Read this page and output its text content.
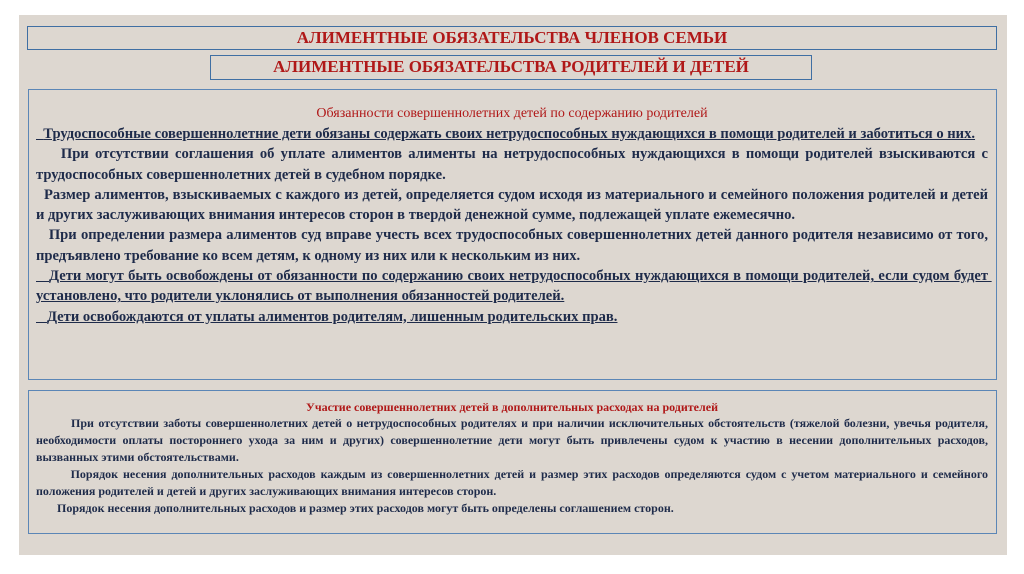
АЛИМЕНТНЫЕ ОБЯЗАТЕЛЬСТВА ЧЛЕНОВ СЕМЬИ
АЛИМЕНТНЫЕ ОБЯЗАТЕЛЬСТВА РОДИТЕЛЕЙ И ДЕТЕЙ
Обязанности совершеннолетних детей по содержанию родителей

Трудоспособные совершеннолетние дети обязаны содержать своих нетрудоспособных нуждающихся в помощи родителей и заботиться о них.

При отсутствии соглашения об уплате алиментов алименты на нетрудоспособных нуждающихся в помощи родителей взыскиваются с трудоспособных совершеннолетних детей в судебном порядке.

Размер алиментов, взыскиваемых с каждого из детей, определяется судом исходя из материального и семейного положения родителей и детей и других заслуживающих внимания интересов сторон в твердой денежной сумме, подлежащей уплате ежемесячно.

При определении размера алиментов суд вправе учесть всех трудоспособных совершеннолетних детей данного родителя независимо от того, предъявлено требование ко всем детям, к одному из них или к нескольким из них.

Дети могут быть освобождены от обязанности по содержанию своих нетрудоспособных нуждающихся в помощи родителей, если судом будет установлено, что родители уклонялись от выполнения обязанностей родителей.

Дети освобождаются от уплаты алиментов родителям, лишенным родительских прав.

Участие совершеннолетних детей в дополнительных расходах на родителей

При отсутствии заботы совершеннолетних детей о нетрудоспособных родителях и при наличии исключительных обстоятельств (тяжелой болезни, увечья родителя, необходимости оплаты постороннего ухода за ним и других) совершеннолетние дети могут быть привлечены судом к участию в несении дополнительных расходов, вызванных этими обстоятельствами.

Порядок несения дополнительных расходов каждым из совершеннолетних детей и размер этих расходов определяются судом с учетом материального и семейного положения родителей и детей и других заслуживающих внимания интересов сторон.

Порядок несения дополнительных расходов и размер этих расходов могут быть определены соглашением сторон.
